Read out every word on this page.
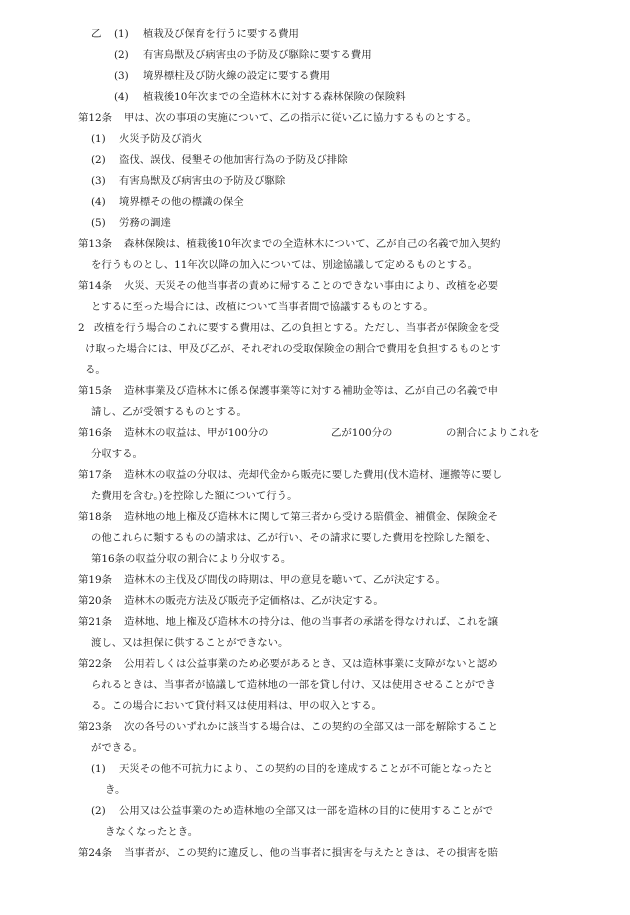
乙 (1) 植栽及び保育を行うに要する費用
(2) 有害鳥獣及び病害虫の予防及び駆除に要する費用
(3) 境界標柱及び防火線の設定に要する費用
(4) 植栽後10年次までの全造林木に対する森林保険の保険料
第12条 甲は、次の事項の実施について、乙の指示に従い乙に協力するものとする。
(1) 火災予防及び消火
(2) 盗伐、誤伐、侵墾その他加害行為の予防及び排除
(3) 有害鳥獣及び病害虫の予防及び駆除
(4) 境界標その他の標識の保全
(5) 労務の調達
第13条 森林保険は、植栽後10年次までの全造林木について、乙が自己の名義で加入契約
を行うものとし、11年次以降の加入については、別途協議して定めるものとする。
第14条 火災、天災その他当事者の責めに帰することのできない事由により、改植を必要
とするに至った場合には、改植について当事者間で協議するものとする。
2 改植を行う場合のこれに要する費用は、乙の負担とする。ただし、当事者が保険金を受
け取った場合には、甲及び乙が、それぞれの受取保険金の割合で費用を負担するものとす
る。
第15条 造林事業及び造林木に係る保護事業等に対する補助金等は、乙が自己の名義で申
請し、乙が受領するものとする。
第16条 造林木の収益は、甲が100分の	乙が100分の	の割合によりこれを
分収する。
第17条 造林木の収益の分収は、売却代金から販売に要した費用(伐木造材、運搬等に要し
た費用を含む。)を控除した額について行う。
第18条 造林地の地上権及び造林木に関して第三者から受ける賠償金、補償金、保険金そ
の他これらに類するものの請求は、乙が行い、その請求に要した費用を控除した額を、
第16条の収益分収の割合により分収する。
第19条 造林木の主伐及び間伐の時期は、甲の意見を聴いて、乙が決定する。
第20条 造林木の販売方法及び販売予定価格は、乙が決定する。
第21条 造林地、地上権及び造林木の持分は、他の当事者の承諾を得なければ、これを譲
渡し、又は担保に供することができない。
第22条 公用若しくは公益事業のため必要があるとき、又は造林事業に支障がないと認め
られるときは、当事者が協議して造林地の一部を貸し付け、又は使用させることができ
る。この場合において貸付料又は使用料は、甲の収入とする。
第23条 次の各号のいずれかに該当する場合は、この契約の全部又は一部を解除すること
ができる。
(1) 天災その他不可抗力により、この契約の目的を達成することが不可能となったと
き。
(2) 公用又は公益事業のため造林地の全部又は一部を造林の目的に使用することがで
きなくなったとき。
第24条 当事者が、この契約に違反し、他の当事者に損害を与えたときは、その損害を賠
